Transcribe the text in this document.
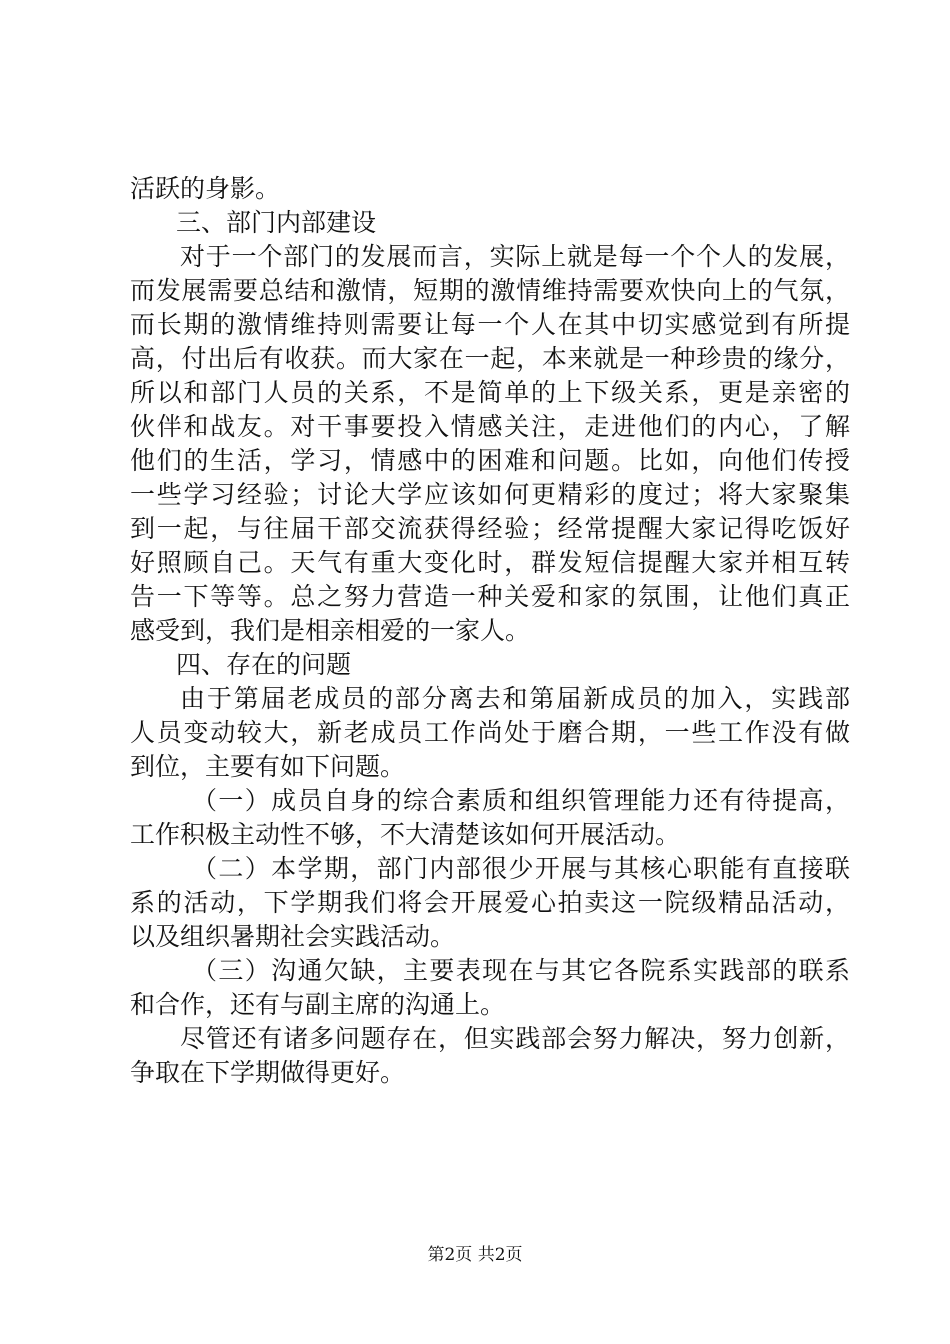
活跃的身影。
三、部门内部建设
对于一个部门的发展而言，实际上就是每一个个人的发展，
而发展需要总结和激情，短期的激情维持需要欢快向上的气氛，
而长期的激情维持则需要让每一个人在其中切实感觉到有所提
高，付出后有收获。而大家在一起，本来就是一种珍贵的缘分，
所以和部门人员的关系，不是简单的上下级关系，更是亲密的
伙伴和战友。对干事要投入情感关注，走进他们的内心，了解
他们的生活，学习，情感中的困难和问题。比如，向他们传授
一些学习经验；讨论大学应该如何更精彩的度过；将大家聚集
到一起，与往届干部交流获得经验；经常提醒大家记得吃饭好
好照顾自己。天气有重大变化时，群发短信提醒大家并相互转
告一下等等。总之努力营造一种关爱和家的氛围，让他们真正
感受到，我们是相亲相爱的一家人。
四、存在的问题
由于第届老成员的部分离去和第届新成员的加入，实践部
人员变动较大，新老成员工作尚处于磨合期，一些工作没有做
到位，主要有如下问题。
（一）成员自身的综合素质和组织管理能力还有待提高，
工作积极主动性不够，不大清楚该如何开展活动。
（二）本学期，部门内部很少开展与其核心职能有直接联
系的活动，下学期我们将会开展爱心拍卖这一院级精品活动，
以及组织暑期社会实践活动。
（三）沟通欠缺，主要表现在与其它各院系实践部的联系
和合作，还有与副主席的沟通上。
尽管还有诸多问题存在，但实践部会努力解决，努力创新，
争取在下学期做得更好。
第2页 共2页
